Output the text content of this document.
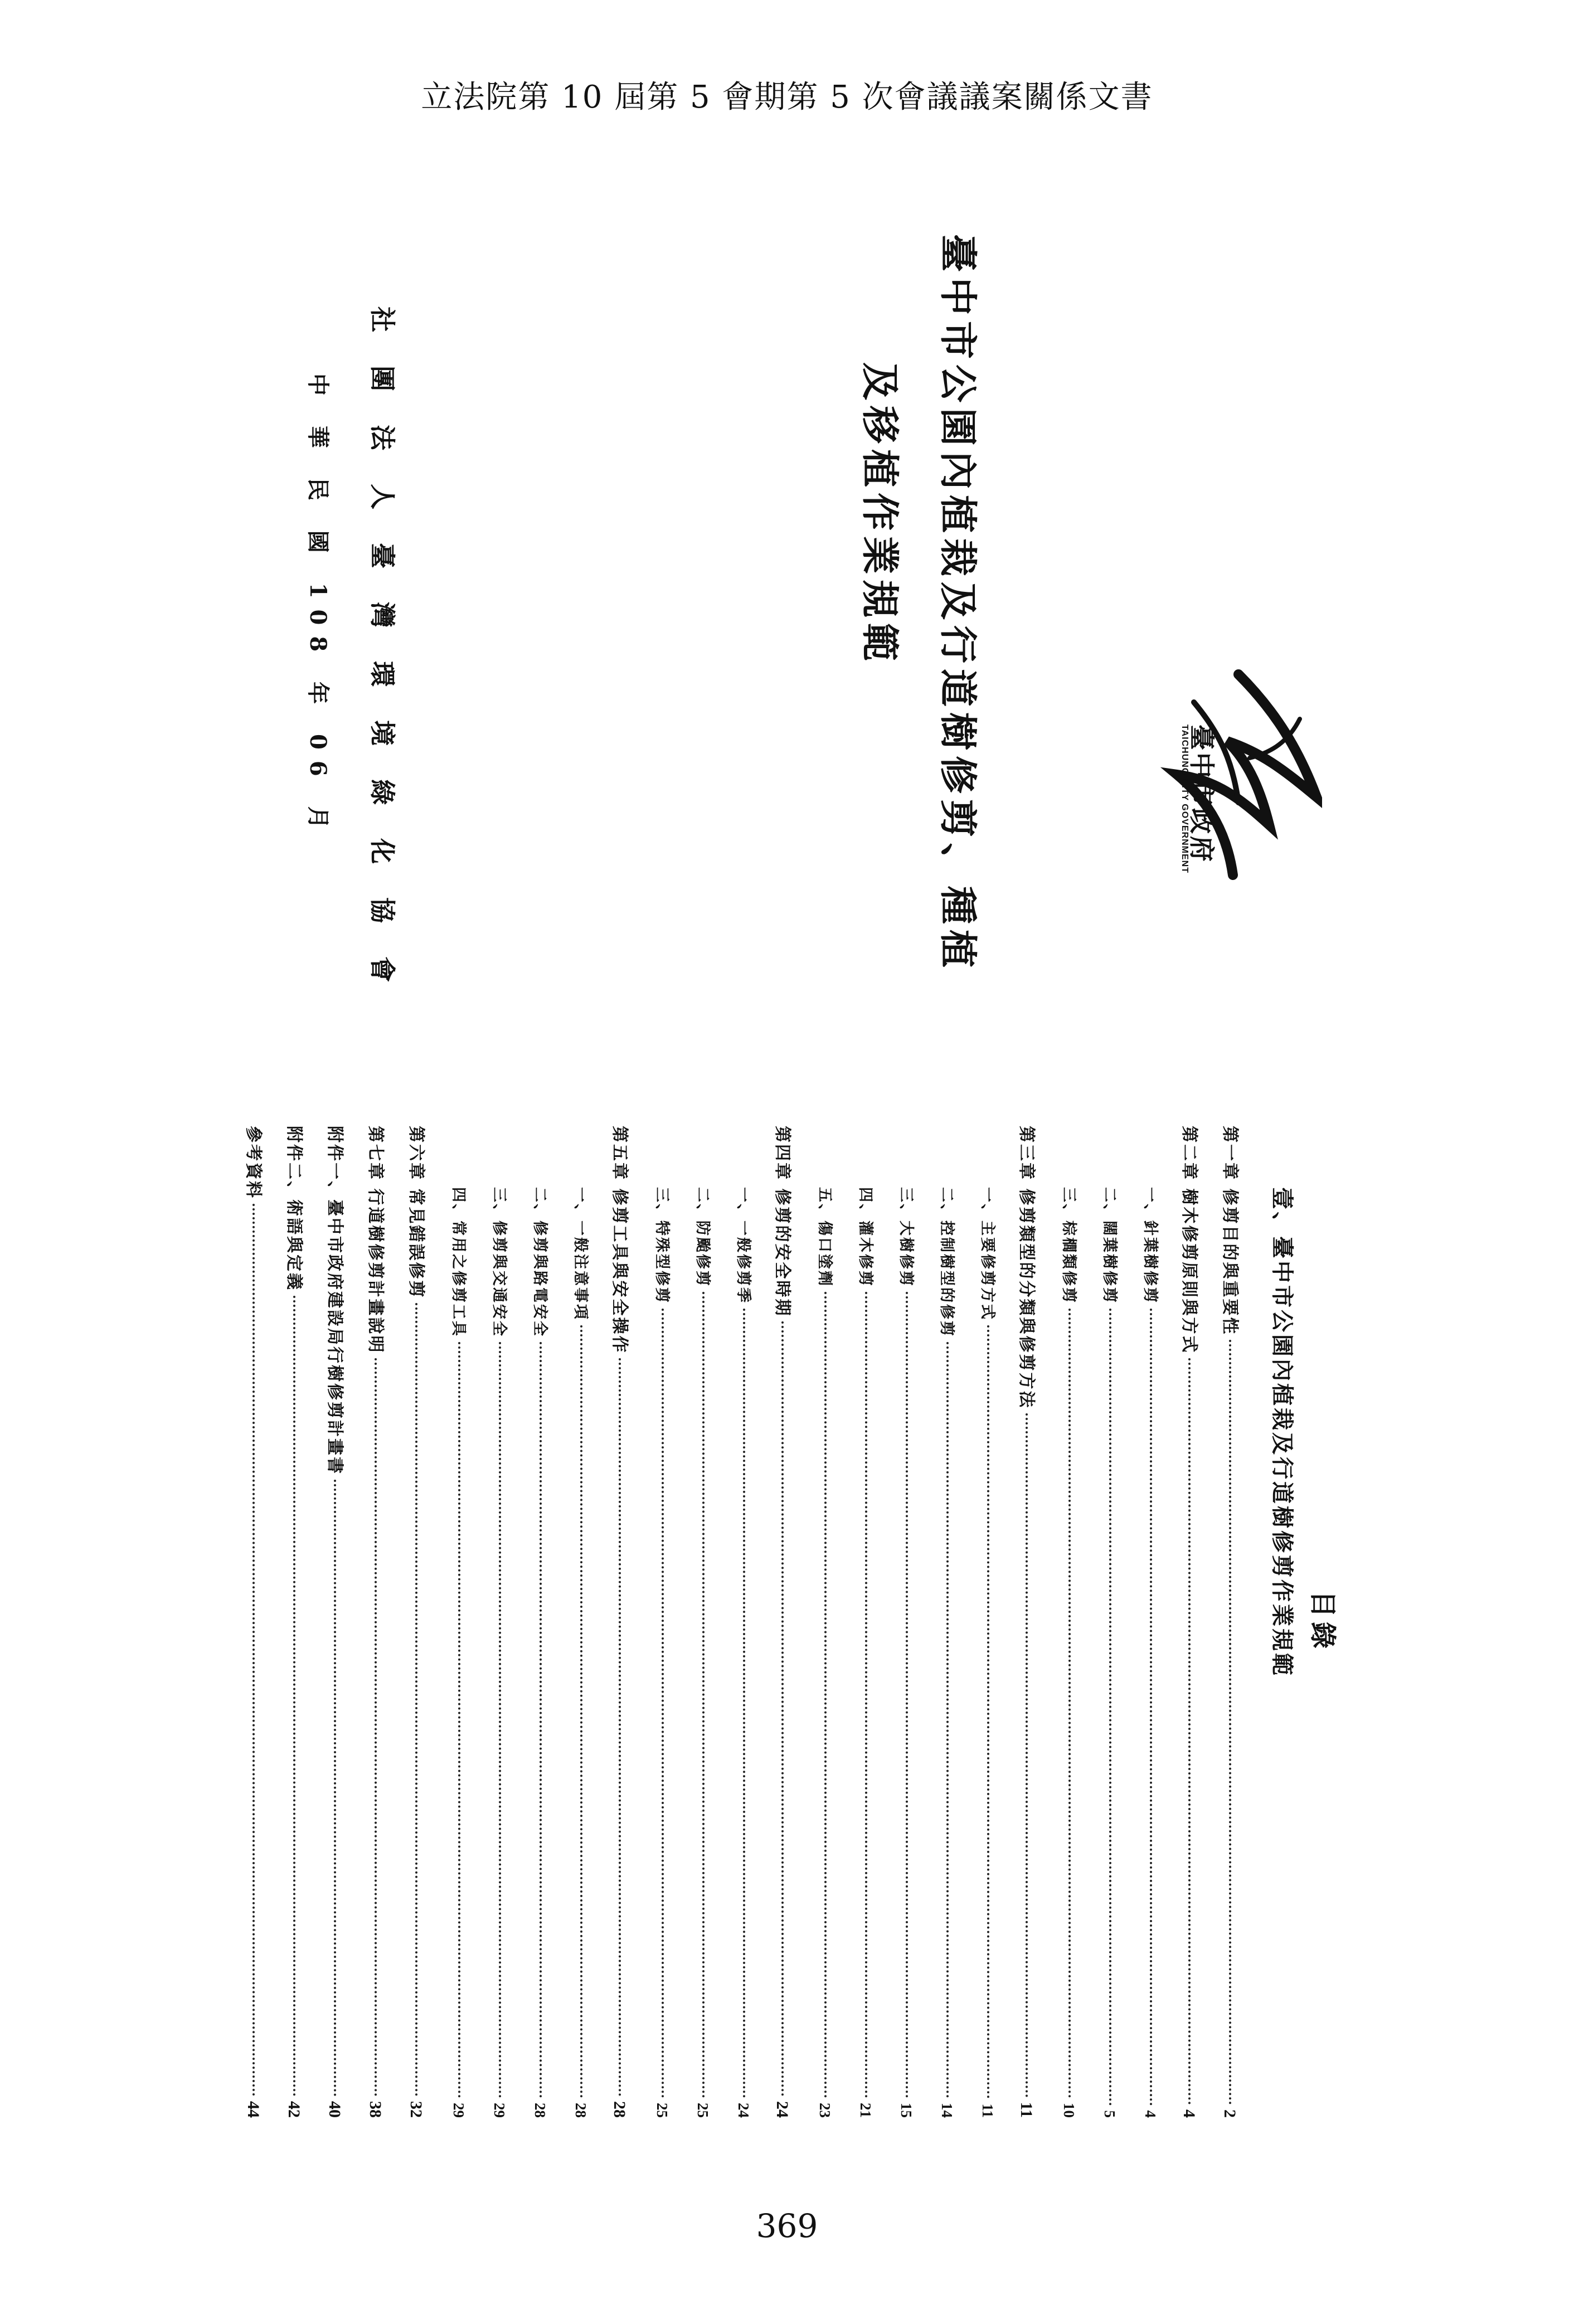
立法院第 10 屆第 5 會期第 5 次會議議案關係文書
臺中市政府
TAICHUNG CITY GOVERNMENT
臺中市公園內植栽及行道樹修剪、種植
及移植作業規範
社 團 法 人 臺 灣 環 境 綠 化 協 會
中 華 民 國 108 年 06 月
目錄
壹、臺中市公園內植栽及行道樹修剪作業規範
第一章 修剪目的與重要性
2
第二章 樹木修剪原則與方式
4
一、針葉樹修剪
4
二、闊葉樹修剪
5
三、棕櫚類修剪
10
第三章 修剪類型的分類與修剪方法
11
一、主要修剪方式
11
二、控制樹型的修剪
14
三、大樹修剪
15
四、灌木修剪
21
五、傷口塗劑
23
第四章 修剪的安全時期
24
一、一般修剪季
24
二、防颱修剪
25
三、特殊型修剪
25
第五章 修剪工具與安全操作
28
一、一般注意事項
28
二、修剪與路電安全
28
三、修剪與交通安全
29
四、常用之修剪工具
29
第六章 常見錯誤修剪
32
第七章 行道樹修剪計畫說明
38
附件一、臺中市政府建設局行樹修剪計畫書
40
附件二、術語與定義
42
參考資料
44
369
